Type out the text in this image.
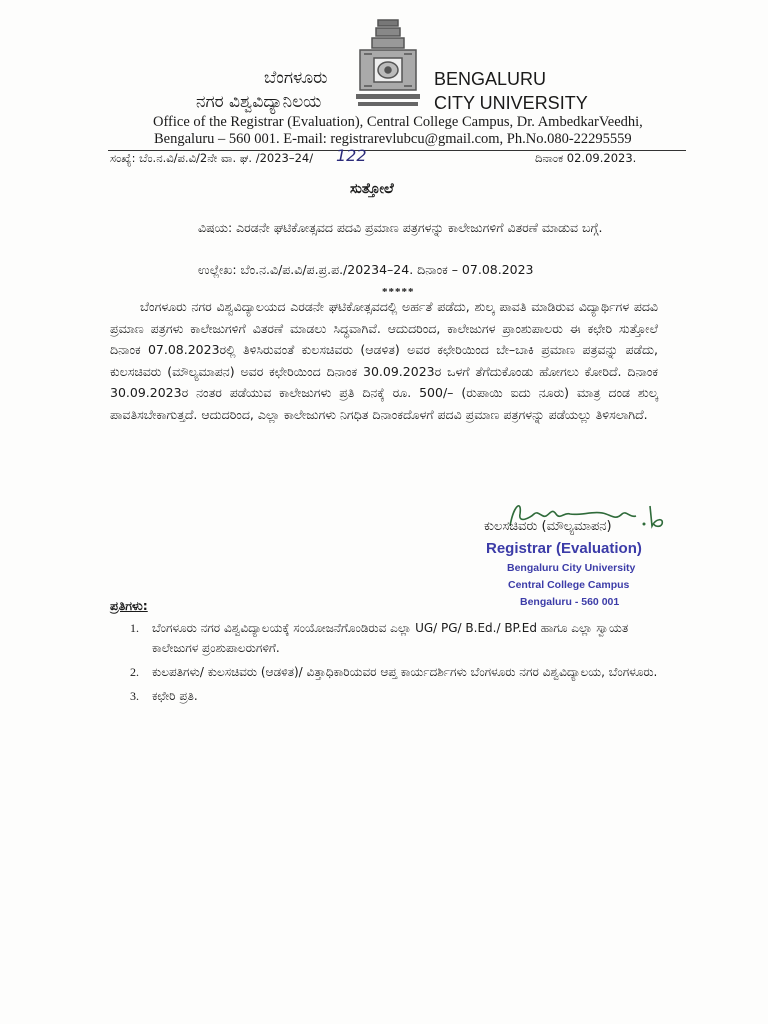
ಬೆಂಗಳೂರು
ನಗರ ವಿಶ್ವವಿದ್ಯಾನಿಲಯ
BENGALURU
CITY UNIVERSITY
Office of the Registrar (Evaluation), Central College Campus, Dr. AmbedkarVeedhi,
Bengaluru – 560 001. E-mail: registrarevlubcu@gmail.com, Ph.No.080-22295559
ಸಂಖ್ಯೆ: ಬೆಂ.ನ.ವಿ/ಪ.ವಿ/2ನೇ ವಾ. ಘ. /2023–24/ 122	ದಿನಾಂಕ 02.09.2023.
ಸುತ್ತೋಲೆ
ವಿಷಯ: ಎರಡನೇ ಘಟಿಕೋತ್ಸವದ ಪದವಿ ಪ್ರಮಾಣ ಪತ್ರಗಳನ್ನು ಕಾಲೇಜುಗಳಿಗೆ ವಿತರಣೆ ಮಾಡುವ ಬಗ್ಗೆ.
ಉಲ್ಲೇಖ: ಬೆಂ.ನ.ವಿ/ಪ.ವಿ/ಪ.ಪ್ರ.ಪ./20234–24. ದಿನಾಂಕ – 07.08.2023
*****
ಬೆಂಗಳೂರು ನಗರ ವಿಶ್ವವಿದ್ಯಾಲಯದ ಎರಡನೇ ಘಟಿಕೋತ್ಸವದಲ್ಲಿ ಅರ್ಹತೆ ಪಡೆದು, ಶುಲ್ಕ ಪಾವತಿ ಮಾಡಿರುವ ವಿದ್ಯಾರ್ಥಿಗಳ ಪದವಿ ಪ್ರಮಾಣ ಪತ್ರಗಳು ಕಾಲೇಜುಗಳಿಗೆ ವಿತರಣೆ ಮಾಡಲು ಸಿದ್ಧವಾಗಿವೆ. ಆದುದರಿಂದ, ಕಾಲೇಜುಗಳ ಪ್ರಾಂಶುಪಾಲರು ಈ ಕಛೇರಿ ಸುತ್ತೋಲೆ ದಿನಾಂಕ 07.08.2023ರಲ್ಲಿ ತಿಳಿಸಿರುವಂತೆ ಕುಲಸಚಿವರು (ಆಡಳಿತ) ಅವರ ಕಛೇರಿಯಿಂದ ಬೇ–ಬಾಕಿ ಪ್ರಮಾಣ ಪತ್ರವನ್ನು ಪಡೆದು, ಕುಲಸಚಿವರು (ಮೌಲ್ಯಮಾಪನ) ಅವರ ಕಛೇರಿಯಿಂದ ದಿನಾಂಕ 30.09.2023ರ ಒಳಗೆ ತೆಗೆದುಕೊಂಡು ಹೋಗಲು ಕೋರಿದೆ. ದಿನಾಂಕ 30.09.2023ರ ನಂತರ ಪಡೆಯುವ ಕಾಲೇಜುಗಳು ಪ್ರತಿ ದಿನಕ್ಕೆ ರೂ. 500/– (ರುಪಾಯಿ ಐದು ನೂರು) ಮಾತ್ರ ದಂಡ ಶುಲ್ಕ ಪಾವತಿಸಬೇಕಾಗುತ್ತದೆ. ಆದುದರಿಂದ, ಎಲ್ಲಾ ಕಾಲೇಜುಗಳು ನಿಗಧಿತ ದಿನಾಂಕದೊಳಗೆ ಪದವಿ ಪ್ರಮಾಣ ಪತ್ರಗಳನ್ನು ಪಡೆಯಲ್ಲು ತಿಳಿಸಲಾಗಿದೆ.
ಕುಲಸಚಿವರು (ಮೌಲ್ಯಮಾಪನ)
Registrar (Evaluation)
Bengaluru City University
Central College Campus
Bengaluru - 560 001
ಪ್ರತಿಗಳು:
1. ಬೆಂಗಳೂರು ನಗರ ವಿಶ್ವವಿದ್ಯಾಲಯಕ್ಕೆ ಸಂಯೋಜನೆಗೊಂಡಿರುವ ಎಲ್ಲಾ UG/ PG/ B.Ed./ BP.Ed ಹಾಗೂ ಎಲ್ಲಾ ಸ್ವಾಯತ ಕಾಲೇಜುಗಳ ಪ್ರಂಶುಪಾಲರುಗಳಿಗೆ.
2. ಕುಲಪತಿಗಳು/ ಕುಲಸಚಿವರು (ಆಡಳಿತ)/ ವಿತ್ತಾಧಿಕಾರಿಯವರ ಆಪ್ತ ಕಾರ್ಯದರ್ಶಿಗಳು ಬೆಂಗಳೂರು ನಗರ ವಿಶ್ವವಿದ್ಯಾಲಯ, ಬೆಂಗಳೂರು.
3. ಕಛೇರಿ ಪ್ರತಿ.
